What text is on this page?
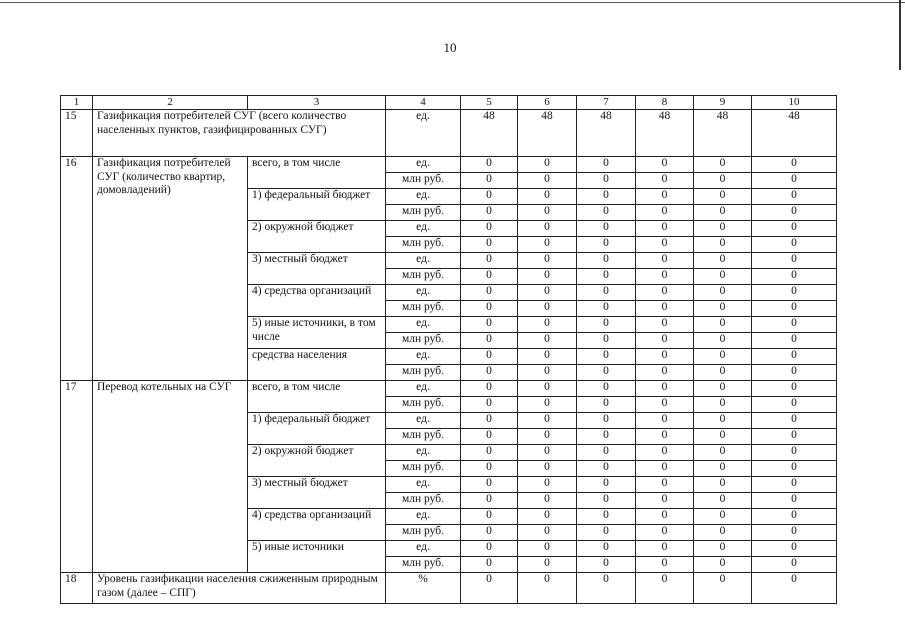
10
1	2	3	4	5	6	7	8	9	10
15	Газификация потребителей СУГ (всего количество населенных пунктов, газифицированных СУГ)		ед.	48	48	48	48	48	48
16	Газификация потребителей СУГ (количество квартир, домовладений)	всего, в том числе	ед.	0	0	0	0	0	0
			млн руб.	0	0	0	0	0	0
		1) федеральный бюджет	ед.	0	0	0	0	0	0
			млн руб.	0	0	0	0	0	0
		2) окружной бюджет	ед.	0	0	0	0	0	0
			млн руб.	0	0	0	0	0	0
		3) местный бюджет	ед.	0	0	0	0	0	0
			млн руб.	0	0	0	0	0	0
		4) средства организаций	ед.	0	0	0	0	0	0
			млн руб.	0	0	0	0	0	0
		5) иные источники, в том числе	ед.	0	0	0	0	0	0
			млн руб.	0	0	0	0	0	0
		средства населения	ед.	0	0	0	0	0	0
			млн руб.	0	0	0	0	0	0
17	Перевод котельных на СУГ	всего, в том числе	ед.	0	0	0	0	0	0
			млн руб.	0	0	0	0	0	0
		1) федеральный бюджет	ед.	0	0	0	0	0	0
			млн руб.	0	0	0	0	0	0
		2) окружной бюджет	ед.	0	0	0	0	0	0
			млн руб.	0	0	0	0	0	0
		3) местный бюджет	ед.	0	0	0	0	0	0
			млн руб.	0	0	0	0	0	0
		4) средства организаций	ед.	0	0	0	0	0	0
			млн руб.	0	0	0	0	0	0
		5) иные источники	ед.	0	0	0	0	0	0
			млн руб.	0	0	0	0	0	0
18	Уровень газификации населения сжиженным природным газом (далее – СПГ)		%	0	0	0	0	0	0
